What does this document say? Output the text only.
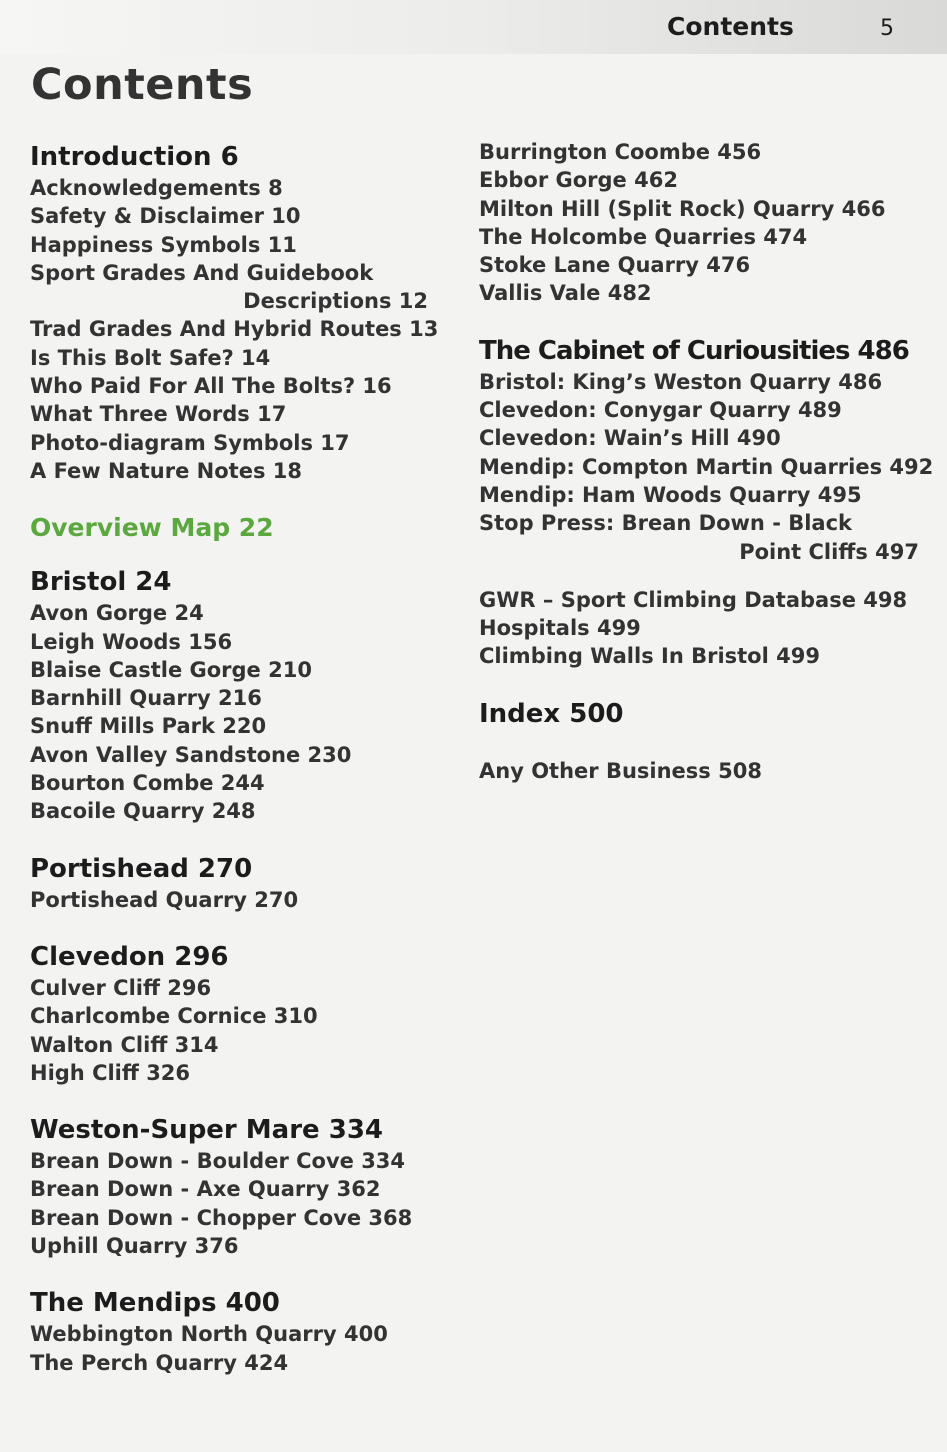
Contents	5
Contents
Introduction 6
Acknowledgements 8
Safety & Disclaimer 10
Happiness Symbols 11
Sport Grades And Guidebook
Descriptions 12
Trad Grades And Hybrid Routes 13
Is This Bolt Safe? 14
Who Paid For All The Bolts? 16
What Three Words 17
Photo-diagram Symbols 17
A Few Nature Notes 18
Overview Map 22
Bristol 24
Avon Gorge 24
Leigh Woods 156
Blaise Castle Gorge 210
Barnhill Quarry 216
Snuff Mills Park 220
Avon Valley Sandstone 230
Bourton Combe 244
Bacoile Quarry 248
Portishead 270
Portishead Quarry 270
Clevedon 296
Culver Cliff 296
Charlcombe Cornice 310
Walton Cliff 314
High Cliff 326
Weston-Super Mare 334
Brean Down - Boulder Cove 334
Brean Down - Axe Quarry 362
Brean Down - Chopper Cove 368
Uphill Quarry 376
The Mendips 400
Webbington North Quarry 400
The Perch Quarry 424
Burrington Coombe 456
Ebbor Gorge 462
Milton Hill (Split Rock) Quarry 466
The Holcombe Quarries 474
Stoke Lane Quarry 476
Vallis Vale 482
The Cabinet of Curiousities 486
Bristol: King’s Weston Quarry 486
Clevedon: Conygar Quarry 489
Clevedon: Wain’s Hill 490
Mendip: Compton Martin Quarries 492
Mendip: Ham Woods Quarry 495
Stop Press: Brean Down - Black
Point Cliffs 497
GWR – Sport Climbing Database 498
Hospitals 499
Climbing Walls In Bristol 499
Index 500
Any Other Business 508
